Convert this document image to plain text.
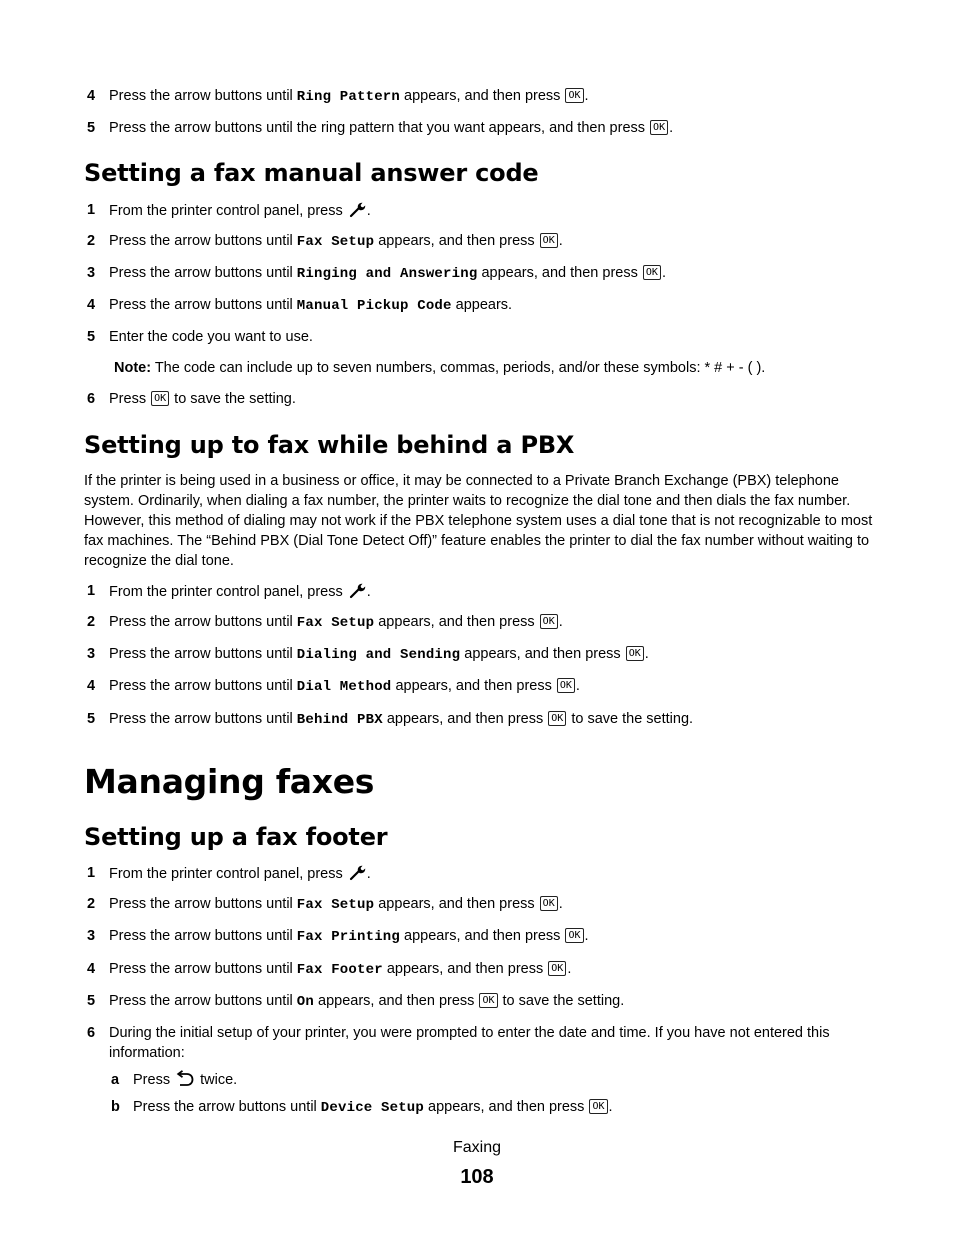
4 Press the arrow buttons until Ring Pattern appears, and then press OK .
5 Press the arrow buttons until the ring pattern that you want appears, and then press OK .
Setting a fax manual answer code
1 From the printer control panel, press .
2 Press the arrow buttons until Fax Setup appears, and then press OK .
3 Press the arrow buttons until Ringing and Answering appears, and then press OK .
4 Press the arrow buttons until Manual Pickup Code appears.
5 Enter the code you want to use.
Note: The code can include up to seven numbers, commas, periods, and/or these symbols: * # + - ( ).
6 Press OK to save the setting.
Setting up to fax while behind a PBX
If the printer is being used in a business or office, it may be connected to a Private Branch Exchange (PBX) telephone system. Ordinarily, when dialing a fax number, the printer waits to recognize the dial tone and then dials the fax number. However, this method of dialing may not work if the PBX telephone system uses a dial tone that is not recognizable to most fax machines. The “Behind PBX (Dial Tone Detect Off)” feature enables the printer to dial the fax number without waiting to recognize the dial tone.
1 From the printer control panel, press .
2 Press the arrow buttons until Fax Setup appears, and then press OK .
3 Press the arrow buttons until Dialing and Sending appears, and then press OK .
4 Press the arrow buttons until Dial Method appears, and then press OK .
5 Press the arrow buttons until Behind PBX appears, and then press OK to save the setting.
Managing faxes
Setting up a fax footer
1 From the printer control panel, press .
2 Press the arrow buttons until Fax Setup appears, and then press OK .
3 Press the arrow buttons until Fax Printing appears, and then press OK .
4 Press the arrow buttons until Fax Footer appears, and then press OK .
5 Press the arrow buttons until On appears, and then press OK to save the setting.
6 During the initial setup of your printer, you were prompted to enter the date and time. If you have not entered this information:
a Press  twice.
b Press the arrow buttons until Device Setup appears, and then press OK .
Faxing
108
